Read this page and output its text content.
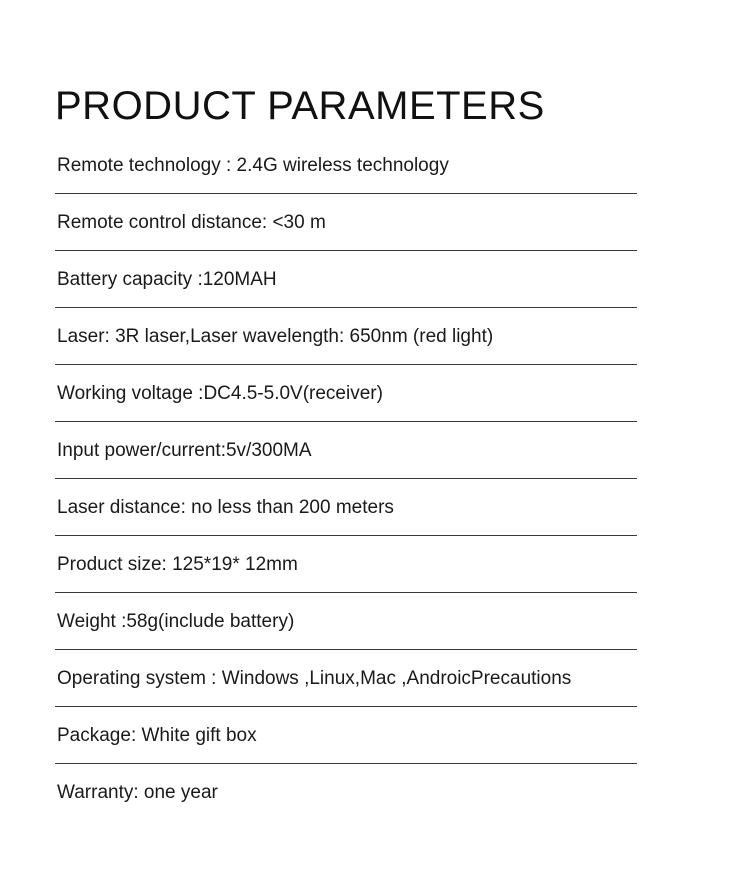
PRODUCT PARAMETERS
Remote technology : 2.4G wireless technology
Remote control distance: <30 m
Battery capacity :120MAH
Laser: 3R laser,Laser wavelength: 650nm (red light)
Working voltage :DC4.5-5.0V(receiver)
Input power/current:5v/300MA
Laser distance: no less than 200 meters
Product size: 125*19* 12mm
Weight :58g(include battery)
Operating system : Windows ,Linux,Mac ,AndroicPrecautions
Package: White gift box
Warranty: one year
